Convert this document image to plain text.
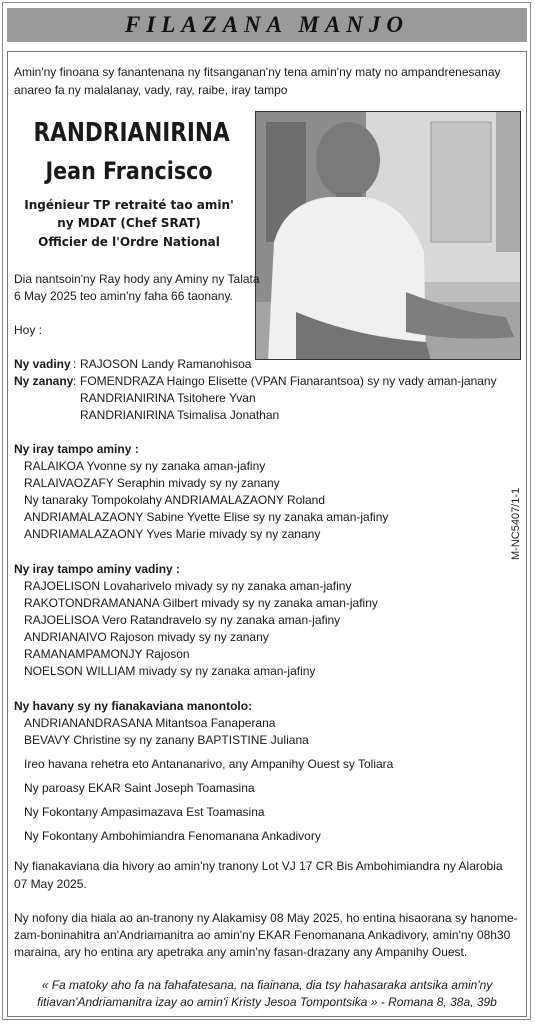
FILAZANA MANJO
Amin'ny finoana sy fanantenana ny fitsanganan'ny tena amin'ny maty no ampandrenesanay
anareo fa ny malalanay, vady, ray, raibe, iray tampo
RANDRIANIRINA
Jean Francisco
Ingénieur TP retraité tao amin'
ny MDAT (Chef SRAT)
Officier de l'Ordre National
Dia nantsoin'ny Ray hody any Aminy ny Talata
6 May 2025 teo amin'ny faha 66 taonany.
Hoy :
Ny vadiny : RAJOSON Landy Ramanohisoa
Ny zanany : FOMENDRAZA Haingo Elisette (VPAN Fianarantsoa) sy ny vady aman-janany
RANDRIANIRINA Tsitohere Yvan
RANDRIANIRINA Tsimalisa Jonathan
Ny iray tampo aminy :
RALAIKOA Yvonne sy ny zanaka aman-jafiny
RALAIVAOZAFY Seraphin mivady sy ny zanany
Ny tanaraky Tompokolahy ANDRIAMALAZAONY Roland
ANDRIAMALAZAONY Sabine Yvette Elise sy ny zanaka aman-jafiny
ANDRIAMALAZAONY Yves Marie mivady sy ny zanany
Ny iray tampo aminy vadiny :
RAJOELISON Lovaharivelo mivady sy ny zanaka aman-jafiny
RAKOTONDRAMANANA Gilbert mivady sy ny zanaka aman-jafiny
RAJOELISOA Vero Ratandravelo sy ny zanaka aman-jafiny
ANDRIANAIVO Rajoson mivady sy ny zanany
RAMANAMPAMONJY Rajoson
NOELSON WILLIAM mivady sy ny zanaka aman-jafiny
Ny havany sy ny fianakaviana manontolo:
ANDRIANANDRASANA Mitantsoa Fanaperana
BEVAVY Christine sy ny zanany BAPTISTINE Juliana
Ireo havana rehetra eto Antananarivo, any Ampanihy Ouest sy Toliara
Ny paroasy EKAR Saint Joseph Toamasina
Ny Fokontany Ampasimazava Est Toamasina
Ny Fokontany Ambohimiandra Fenomanana Ankadivory
Ny fianakaviana dia hivory ao amin'ny tranony Lot VJ 17 CR Bis Ambohimiandra ny Alarobia
07 May 2025.
Ny nofony dia hiala ao an-tranony ny Alakamisy 08 May 2025, ho entina hisaorana sy hanome-
zam-boninahitra an'Andriamanitra ao amin'ny EKAR Fenomanana Ankadivory, amin'ny 08h30
maraina, ary ho entina ary apetraka any amin'ny fasan-drazany any Ampanihy Ouest.
« Fa matoky aho fa na fahafatesana, na fiainana, dia tsy hahasaraka antsika amin'ny
fitiavan'Andriamanitra izay ao amin'i Kristy Jesoa Tompontsika » - Romana 8, 38a, 39b
M-NC5407/1-1
